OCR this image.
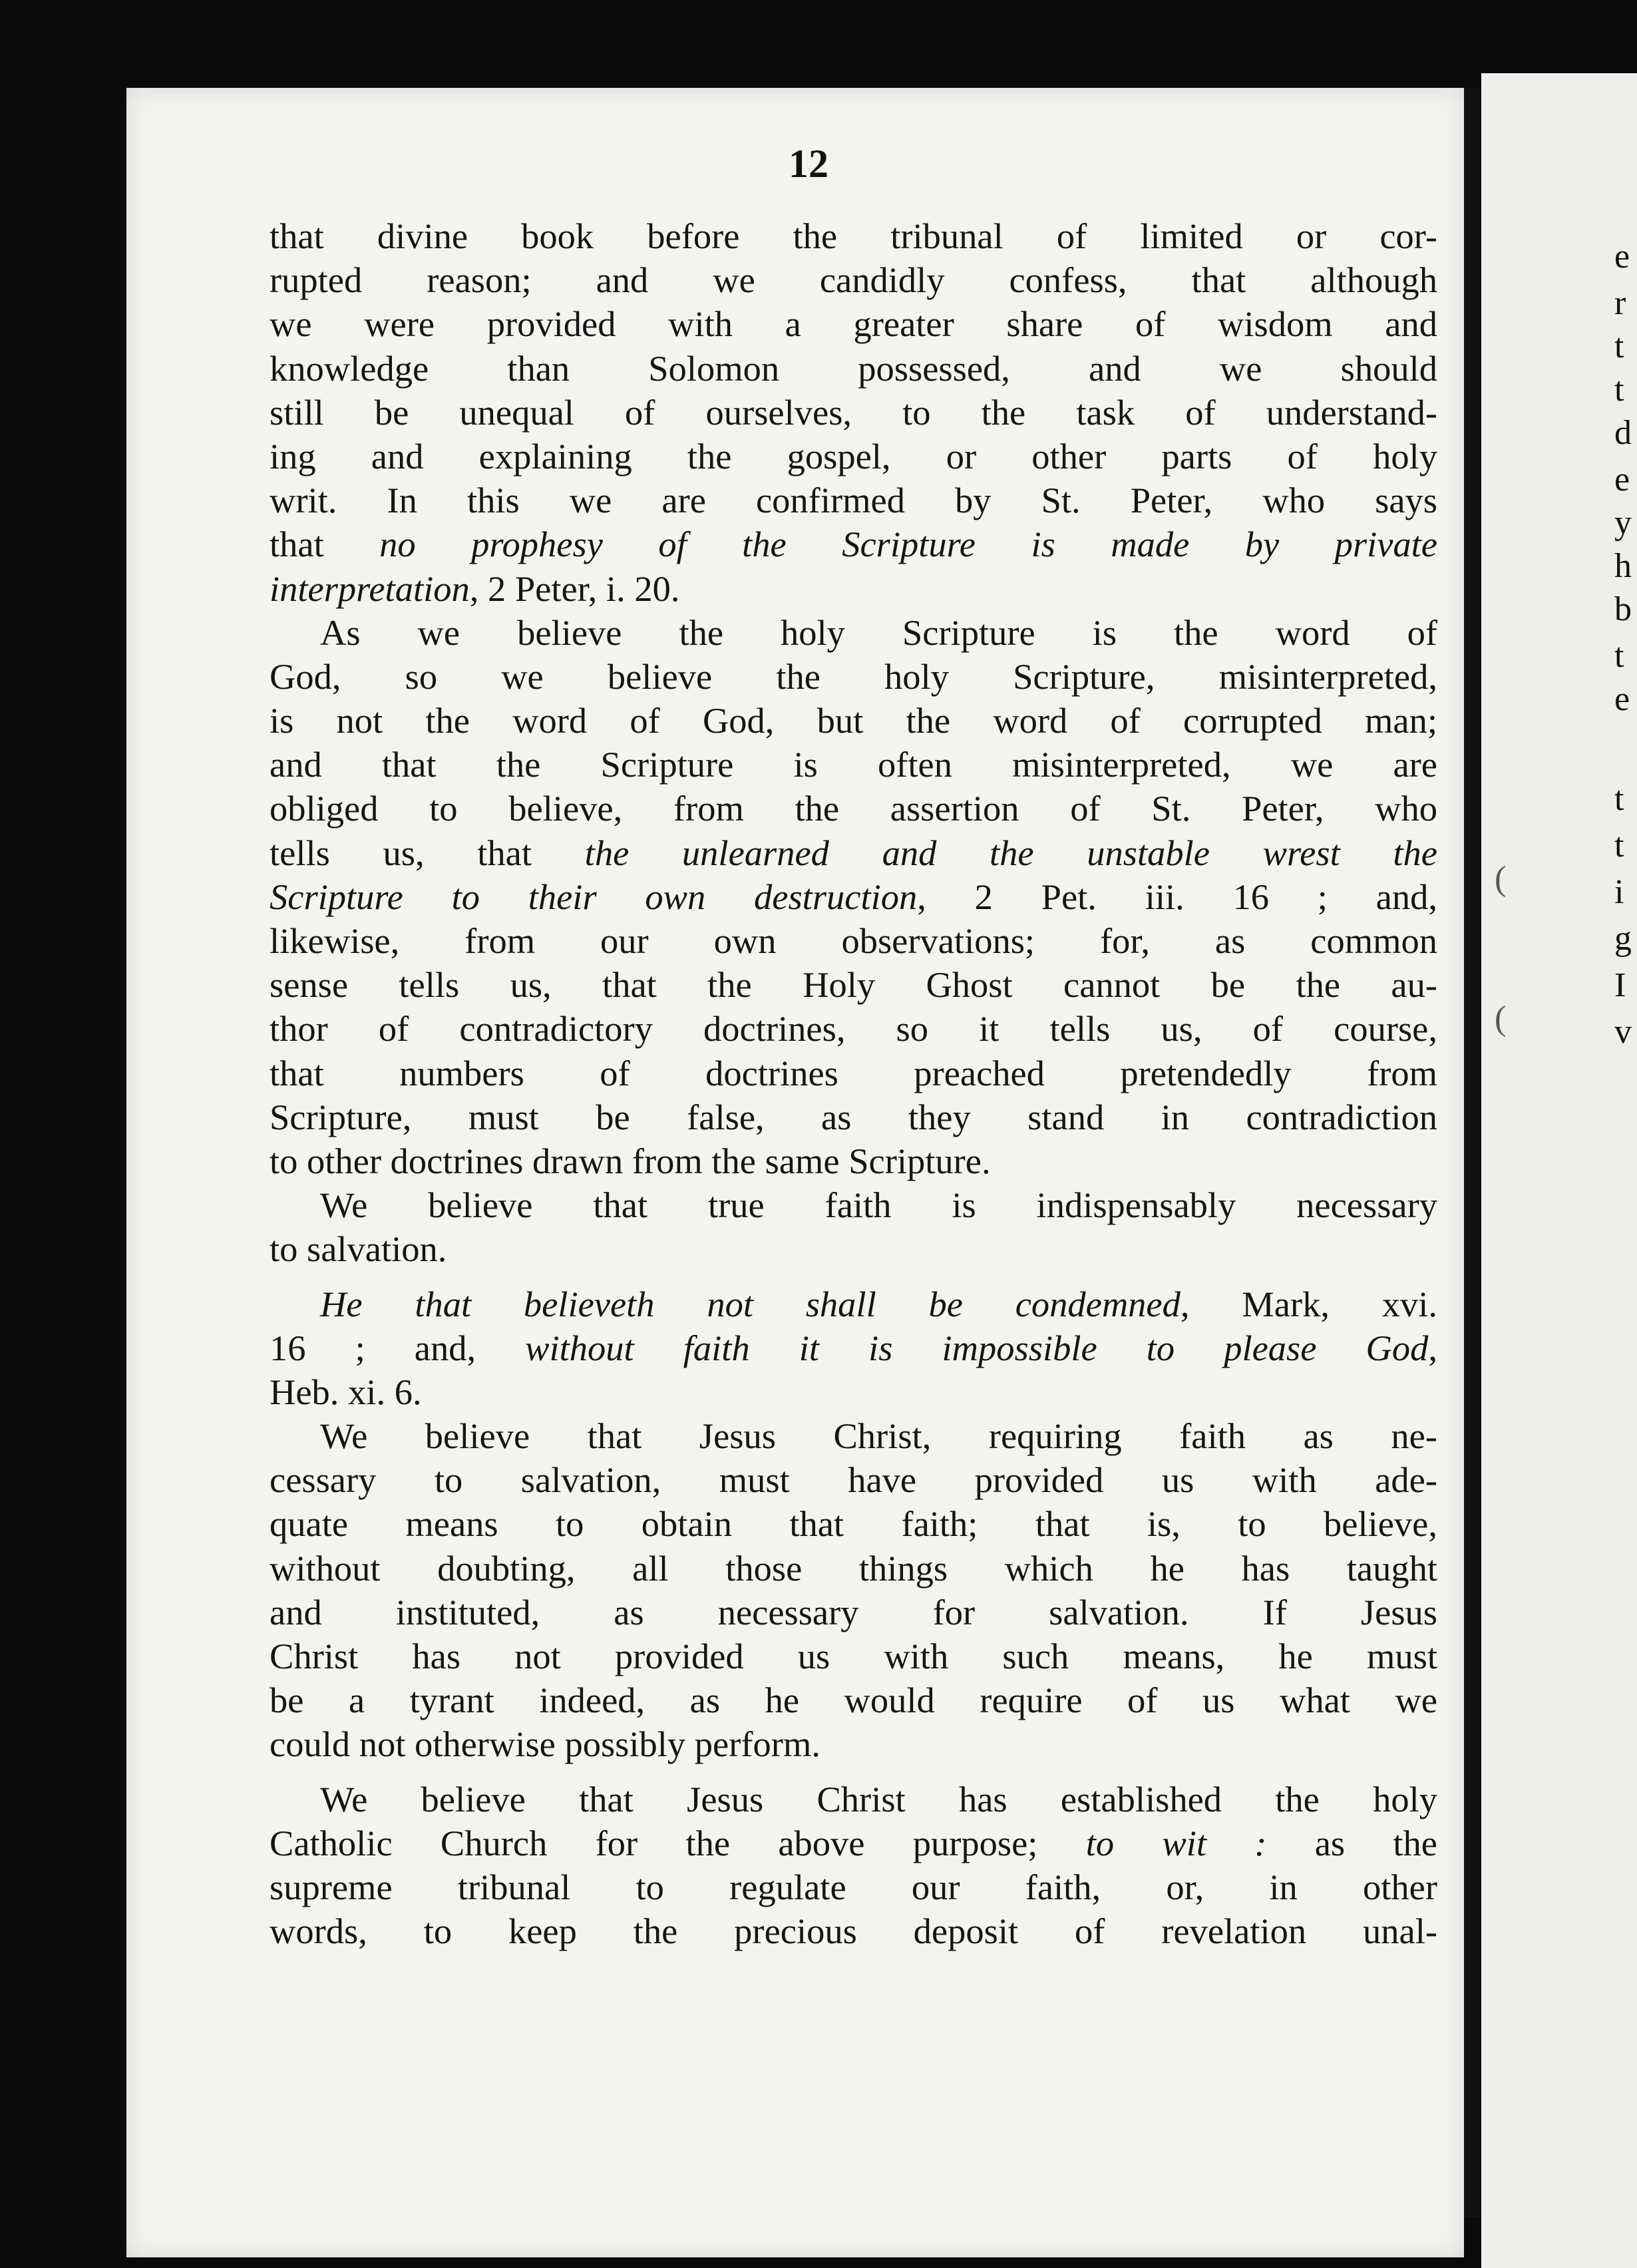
12
that divine book before the tribunal of limited or cor-
rupted reason; and we candidly confess, that although
we were provided with a greater share of wisdom and
knowledge than Solomon possessed, and we should
still be unequal of ourselves, to the task of understand-
ing and explaining the gospel, or other parts of holy
writ. In this we are confirmed by St. Peter, who says
that no prophesy of the Scripture is made by private
interpretation, 2 Peter, i. 20.
As we believe the holy Scripture is the word of
God, so we believe the holy Scripture, misinterpreted,
is not the word of God, but the word of corrupted man;
and that the Scripture is often misinterpreted, we are
obliged to believe, from the assertion of St. Peter, who
tells us, that the unlearned and the unstable wrest the
Scripture to their own destruction, 2 Pet. iii. 16 ; and,
likewise, from our own observations; for, as common
sense tells us, that the Holy Ghost cannot be the au-
thor of contradictory doctrines, so it tells us, of course,
that numbers of doctrines preached pretendedly from
Scripture, must be false, as they stand in contradiction
to other doctrines drawn from the same Scripture.
We believe that true faith is indispensably necessary
to salvation.
He that believeth not shall be condemned, Mark, xvi.
16 ; and, without faith it is impossible to please God,
Heb. xi. 6.
We believe that Jesus Christ, requiring faith as ne-
cessary to salvation, must have provided us with ade-
quate means to obtain that faith; that is, to believe,
without doubting, all those things which he has taught
and instituted, as necessary for salvation. If Jesus
Christ has not provided us with such means, he must
be a tyrant indeed, as he would require of us what we
could not otherwise possibly perform.
We believe that Jesus Christ has established the holy
Catholic Church for the above purpose; to wit : as the
supreme tribunal to regulate our faith, or, in other
words, to keep the precious deposit of revelation unal-
e
r
t
t
d
e
y
h
b
t
e
t
t
i
g
I
v
(
(
